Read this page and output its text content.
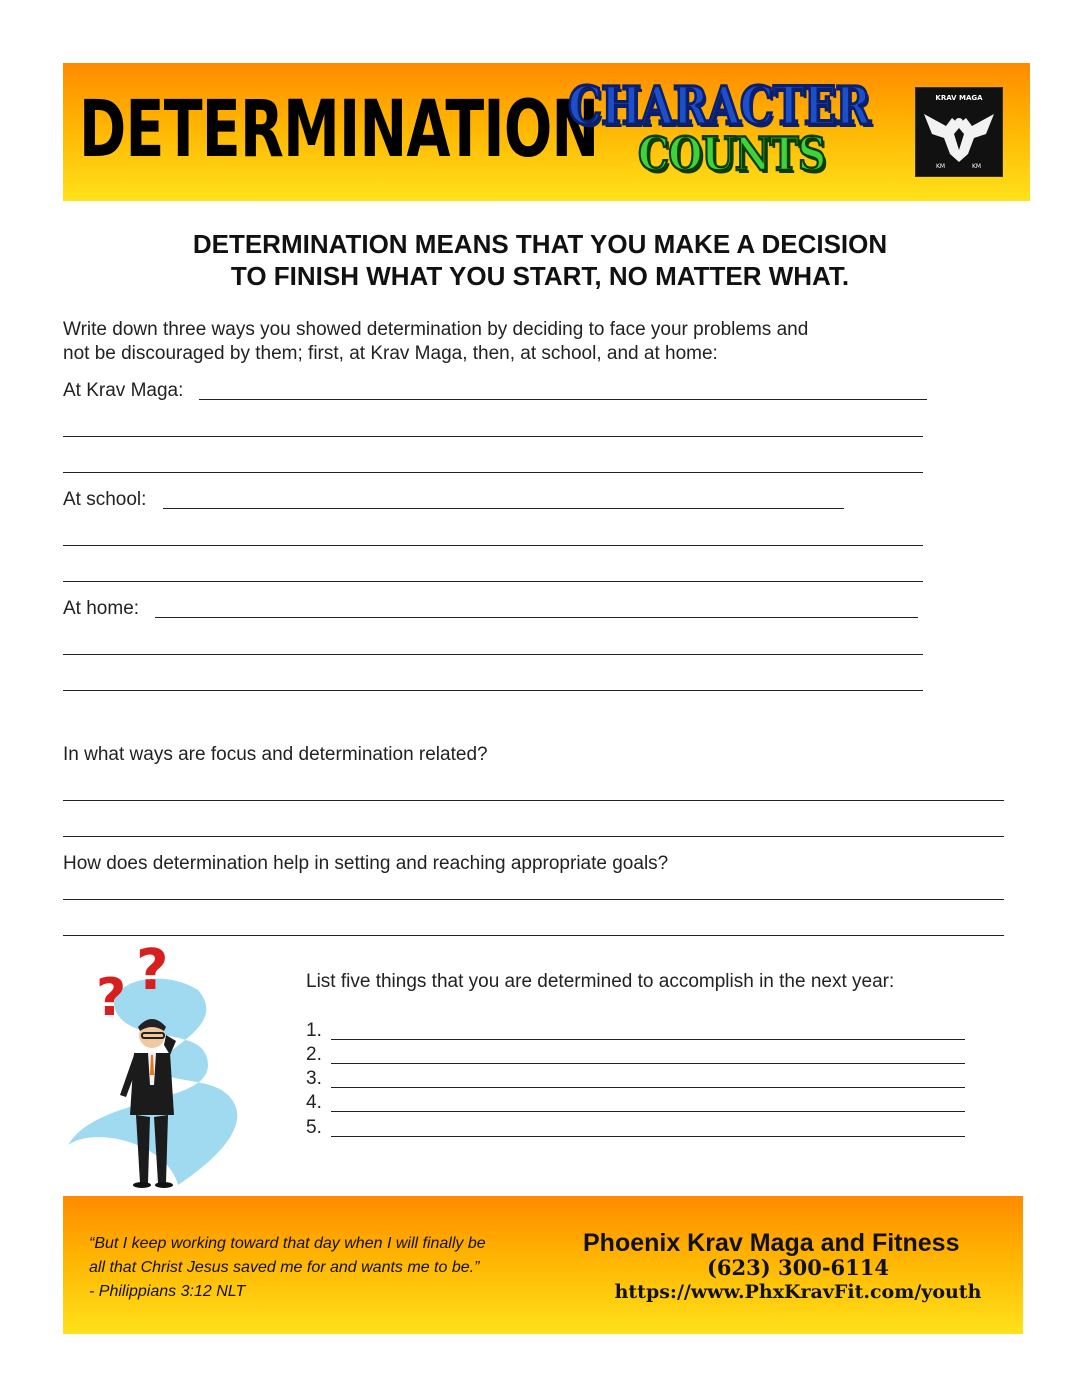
DETERMINATION
CHARACTER
COUNTS
KRAV MAGA
KM	KM
DETERMINATION MEANS THAT YOU MAKE A DECISION
TO FINISH WHAT YOU START, NO MATTER WHAT.
Write down three ways you showed determination by deciding to face your problems and
not be discouraged by them; first, at Krav Maga, then, at school, and at home:
At Krav Maga:
At school:
At home:
In what ways are focus and determination related?
How does determination help in setting and reaching appropriate goals?
? ?	List five things that you are determined to accomplish in the next year:
1.
2.
3.
4.
5.
“But I keep working toward that day when I will finally be all that Christ Jesus saved me for and wants me to be.” - Philippians 3:12 NLT
Phoenix Krav Maga and Fitness
(623) 300-6114
https://www.PhxKravFit.com/youth
